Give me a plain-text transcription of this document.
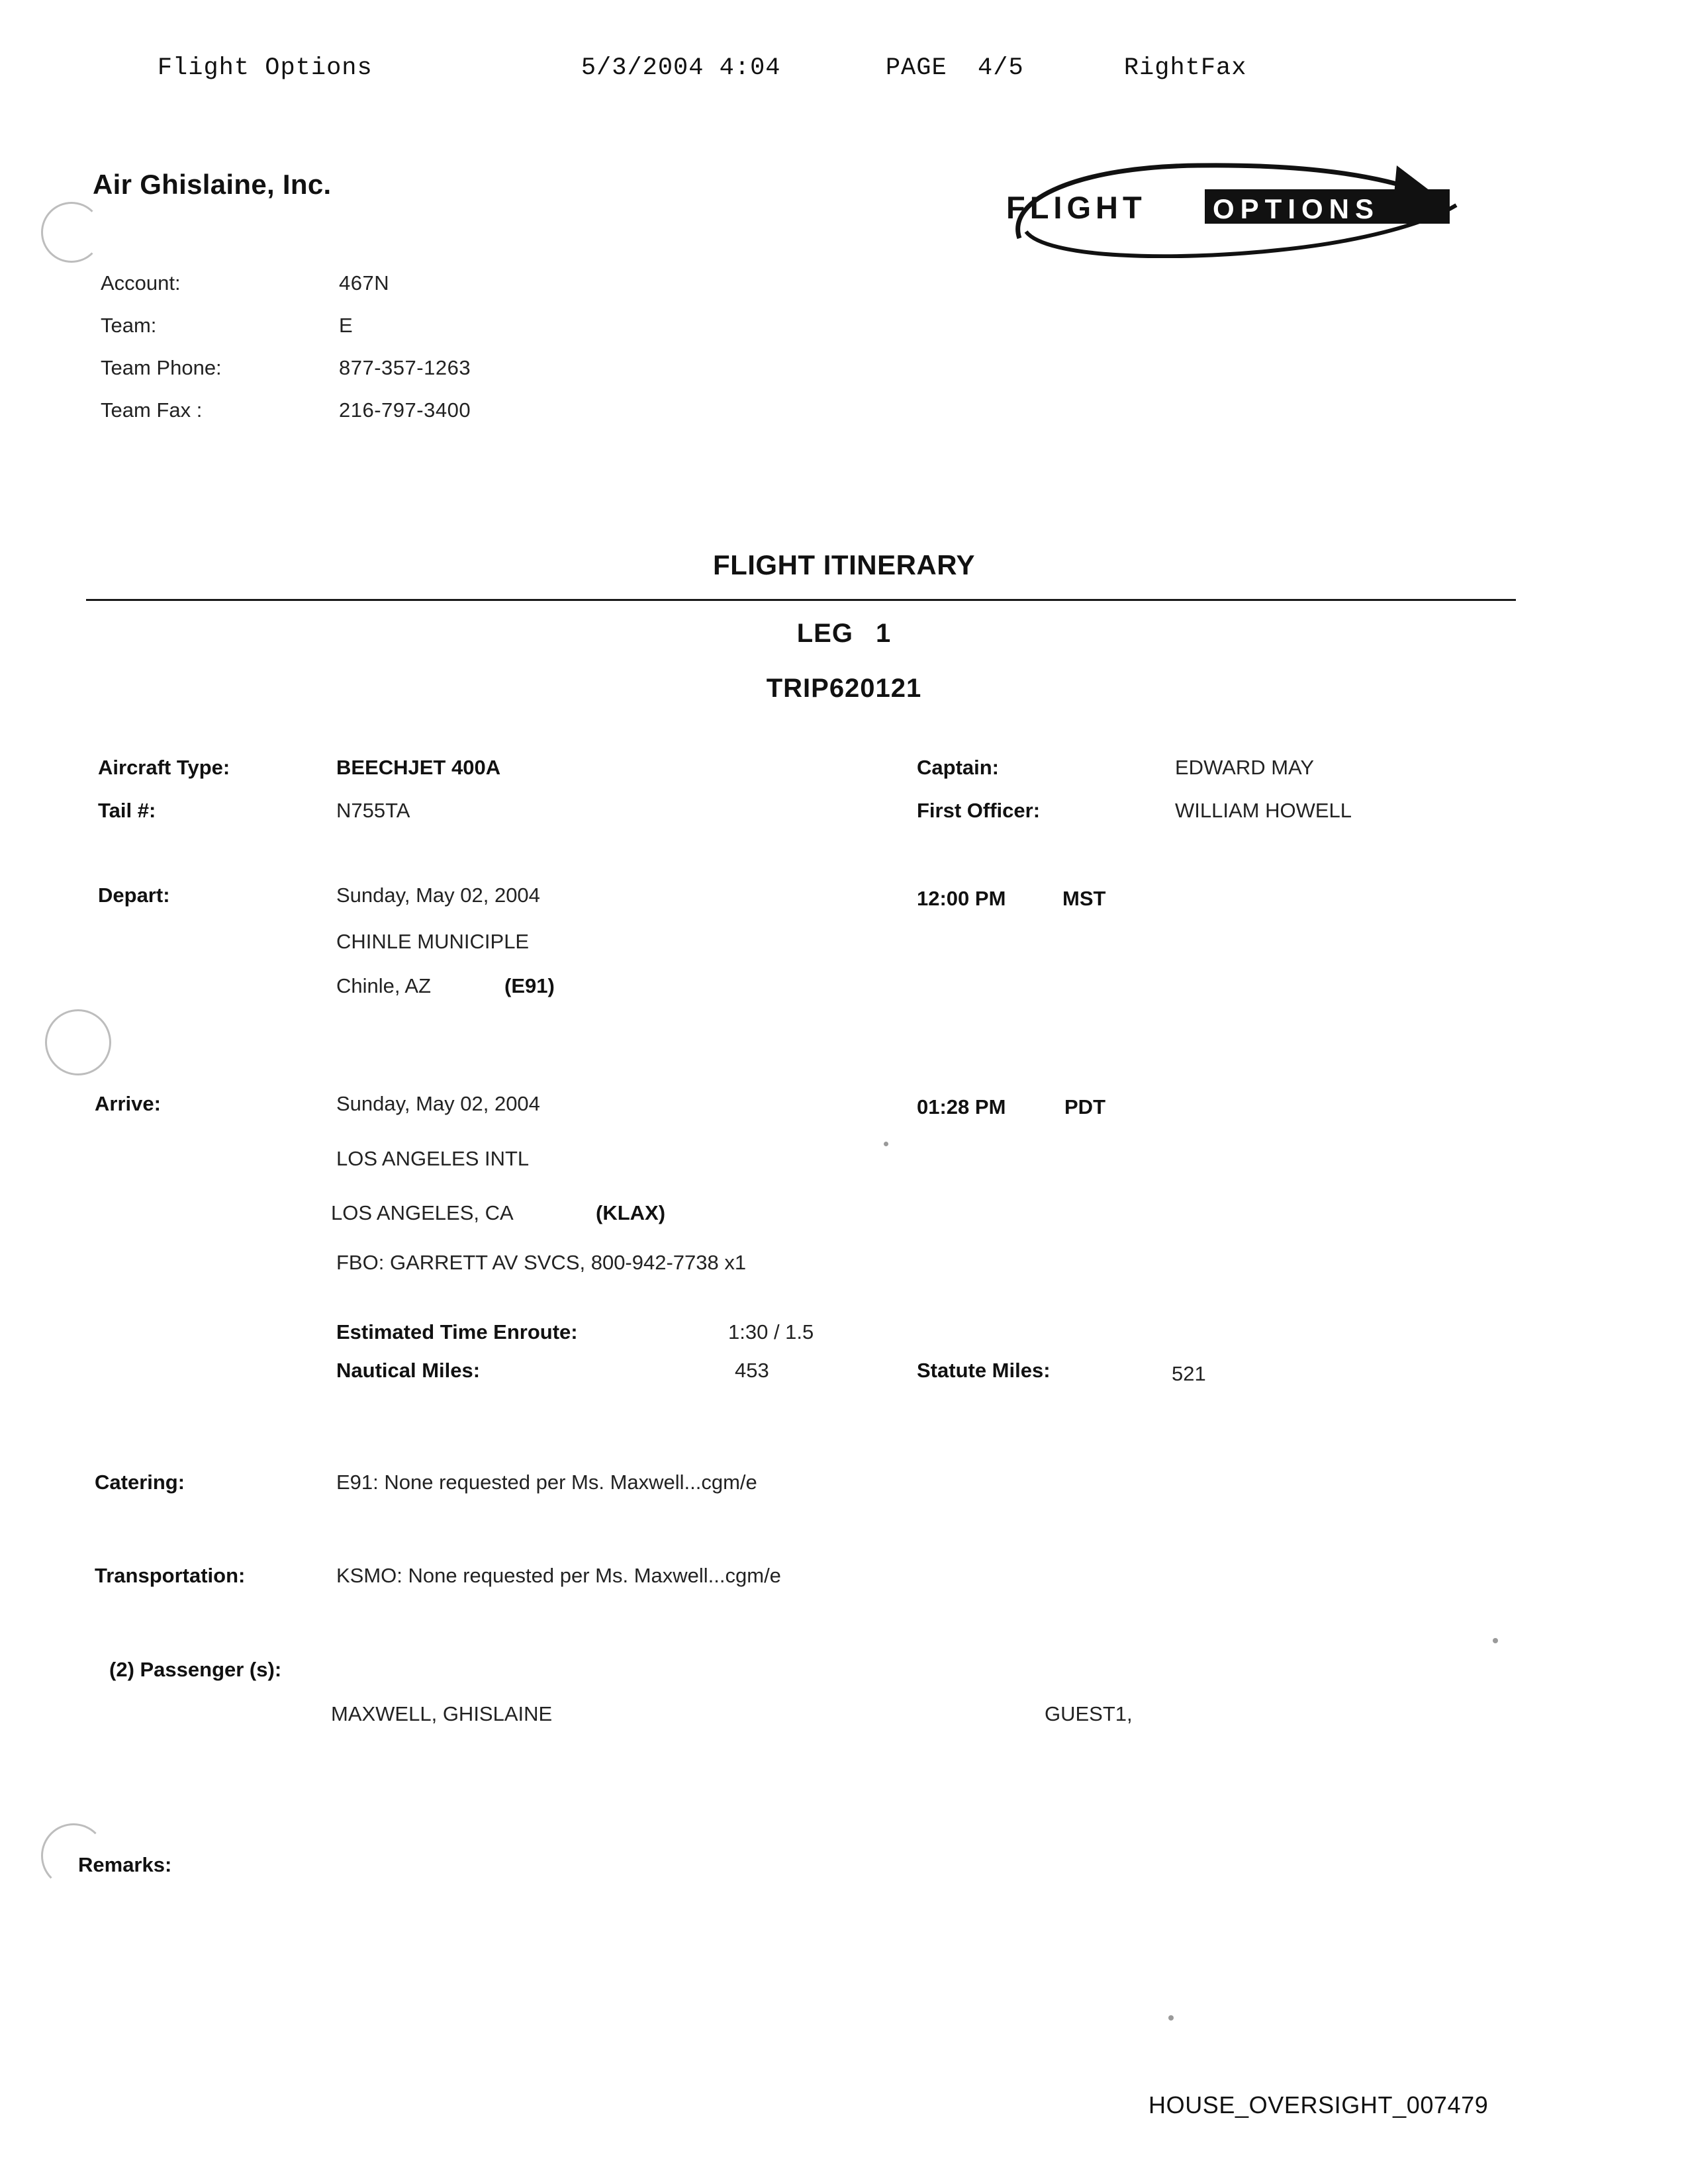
Flight Options	5/3/2004 4:04	PAGE  4/5	RightFax

Air Ghislaine, Inc.
Account:	467N
Team:	E
Team Phone:	877-357-1263
Team Fax :	216-797-3400
FLIGHT OPTIONS
FLIGHT ITINERARY
LEG 1
TRIP620121
Aircraft Type:	BEECHJET 400A
Tail #:	N755TA
Captain:	EDWARD MAY
First Officer:	WILLIAM HOWELL
Depart:	Sunday, May 02, 2004	12:00 PM	MST
CHINLE MUNICIPLE
Chinle, AZ	(E91)
Arrive:	Sunday, May 02, 2004	01:28 PM	PDT
LOS ANGELES INTL
LOS ANGELES, CA	(KLAX)
FBO: GARRETT AV SVCS, 800-942-7738 x1
Estimated Time Enroute:	1:30 / 1.5
Nautical Miles:	453	Statute Miles:	521
Catering:	E91: None requested per Ms. Maxwell...cgm/e
Transportation:	KSMO: None requested per Ms. Maxwell...cgm/e
(2) Passenger (s):
MAXWELL, GHISLAINE	GUEST1,
Remarks:
HOUSE_OVERSIGHT_007479
